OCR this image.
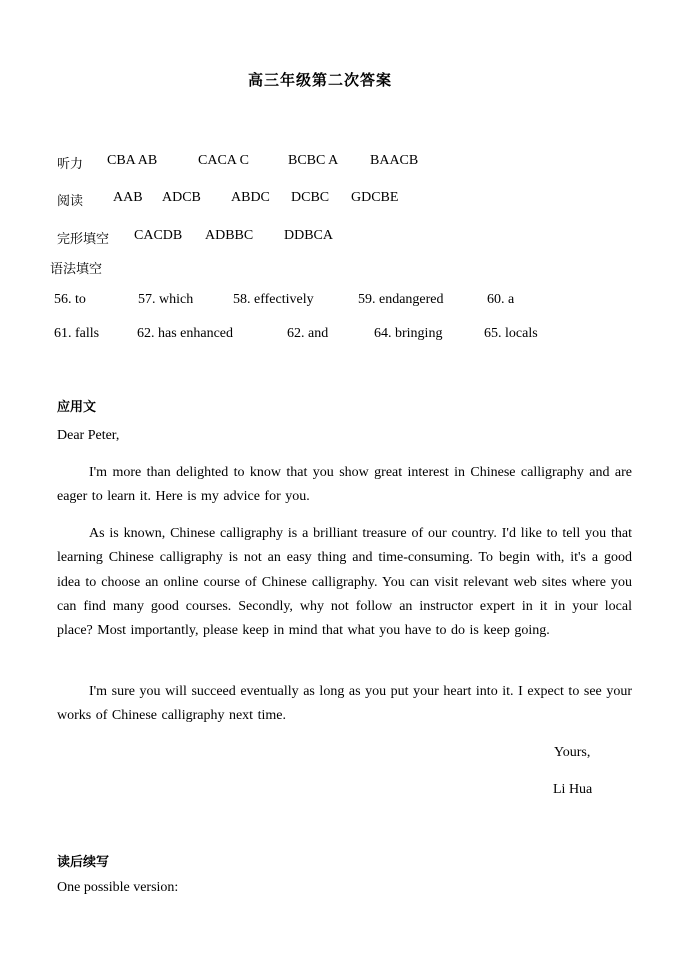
高三年级第二次答案
听力 CBA AB	CACA C	BCBC A BAACB
阅读 AAB ADCB ABDC DCBC GDCBE
完形填空 CACDB ADBBC DDBCA
语法填空
56. to	57. which	58. effectively	59. endangered	60. a
61. falls	62. has enhanced	62. and	64. bringing	65. locals
应用文
Dear Peter,

I'm more than delighted to know that you show great interest in Chinese calligraphy and are eager to learn it. Here is my advice for you.

As is known, Chinese calligraphy is a brilliant treasure of our country. I'd like to tell you that learning Chinese calligraphy is not an easy thing and time-consuming. To begin with, it's a good idea to choose an online course of Chinese calligraphy. You can visit relevant web sites where you can find many good courses. Secondly, why not follow an instructor expert in it in your local place? Most importantly, please keep in mind that what you have to do is keep going.

I'm sure you will succeed eventually as long as you put your heart into it. I expect to see your works of Chinese calligraphy next time.

Yours,
Li Hua
读后续写
One possible version:
